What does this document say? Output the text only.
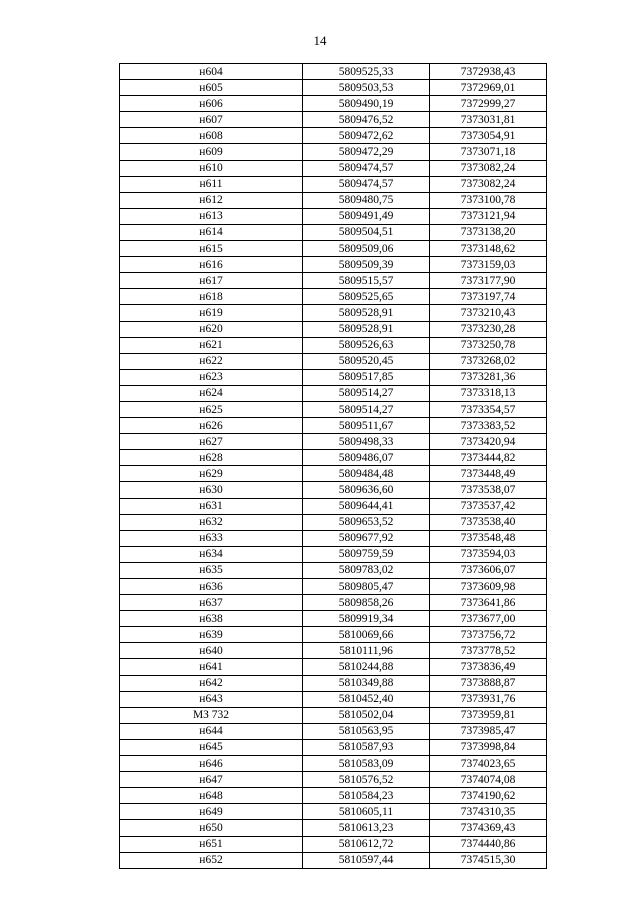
14
н604	5809525,33	7372938,43
н605	5809503,53	7372969,01
н606	5809490,19	7372999,27
н607	5809476,52	7373031,81
н608	5809472,62	7373054,91
н609	5809472,29	7373071,18
н610	5809474,57	7373082,24
н611	5809474,57	7373082,24
н612	5809480,75	7373100,78
н613	5809491,49	7373121,94
н614	5809504,51	7373138,20
н615	5809509,06	7373148,62
н616	5809509,39	7373159,03
н617	5809515,57	7373177,90
н618	5809525,65	7373197,74
н619	5809528,91	7373210,43
н620	5809528,91	7373230,28
н621	5809526,63	7373250,78
н622	5809520,45	7373268,02
н623	5809517,85	7373281,36
н624	5809514,27	7373318,13
н625	5809514,27	7373354,57
н626	5809511,67	7373383,52
н627	5809498,33	7373420,94
н628	5809486,07	7373444,82
н629	5809484,48	7373448,49
н630	5809636,60	7373538,07
н631	5809644,41	7373537,42
н632	5809653,52	7373538,40
н633	5809677,92	7373548,48
н634	5809759,59	7373594,03
н635	5809783,02	7373606,07
н636	5809805,47	7373609,98
н637	5809858,26	7373641,86
н638	5809919,34	7373677,00
н639	5810069,66	7373756,72
н640	5810111,96	7373778,52
н641	5810244,88	7373836,49
н642	5810349,88	7373888,87
н643	5810452,40	7373931,76
МЗ 732	5810502,04	7373959,81
н644	5810563,95	7373985,47
н645	5810587,93	7373998,84
н646	5810583,09	7374023,65
н647	5810576,52	7374074,08
н648	5810584,23	7374190,62
н649	5810605,11	7374310,35
н650	5810613,23	7374369,43
н651	5810612,72	7374440,86
н652	5810597,44	7374515,30
